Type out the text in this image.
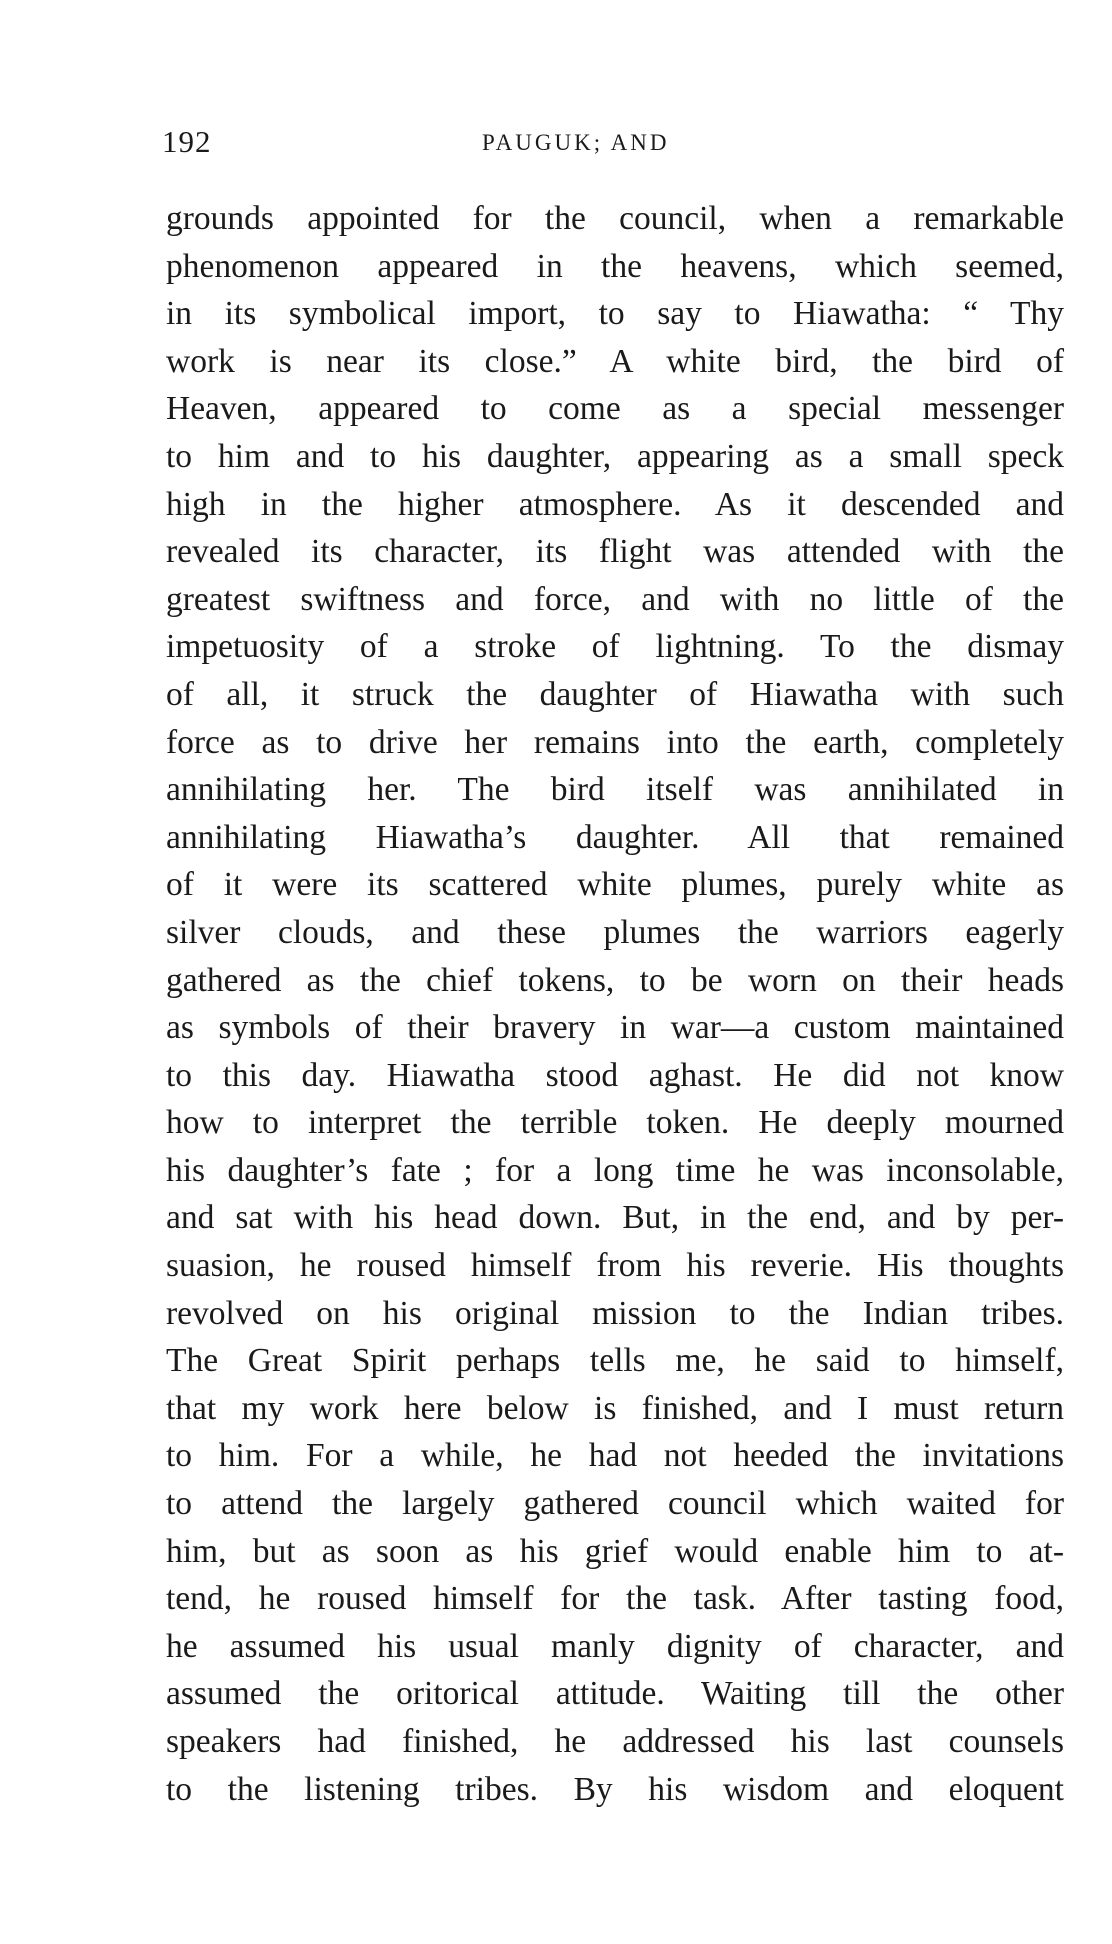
192	PAUGUK; AND
grounds appointed for the council, when a remarkable
phenomenon appeared in the heavens, which seemed,
in its symbolical import, to say to Hiawatha: “ Thy
work is near its close.” A white bird, the bird of
Heaven, appeared to come as a special messenger
to him and to his daughter, appearing as a small speck
high in the higher atmosphere. As it descended and
revealed its character, its flight was attended with the
greatest swiftness and force, and with no little of the
impetuosity of a stroke of lightning. To the dismay
of all, it struck the daughter of Hiawatha with such
force as to drive her remains into the earth, completely
annihilating her. The bird itself was annihilated in
annihilating Hiawatha’s daughter. All that remained
of it were its scattered white plumes, purely white as
silver clouds, and these plumes the warriors eagerly
gathered as the chief tokens, to be worn on their heads
as symbols of their bravery in war—a custom maintained
to this day. Hiawatha stood aghast. He did not know
how to interpret the terrible token. He deeply mourned
his daughter’s fate ; for a long time he was inconsolable,
and sat with his head down. But, in the end, and by per-
suasion, he roused himself from his reverie. His thoughts
revolved on his original mission to the Indian tribes.
The Great Spirit perhaps tells me, he said to himself,
that my work here below is finished, and I must return
to him. For a while, he had not heeded the invitations
to attend the largely gathered council which waited for
him, but as soon as his grief would enable him to at-
tend, he roused himself for the task. After tasting food,
he assumed his usual manly dignity of character, and
assumed the oritorical attitude. Waiting till the other
speakers had finished, he addressed his last counsels
to the listening tribes. By his wisdom and eloquent
